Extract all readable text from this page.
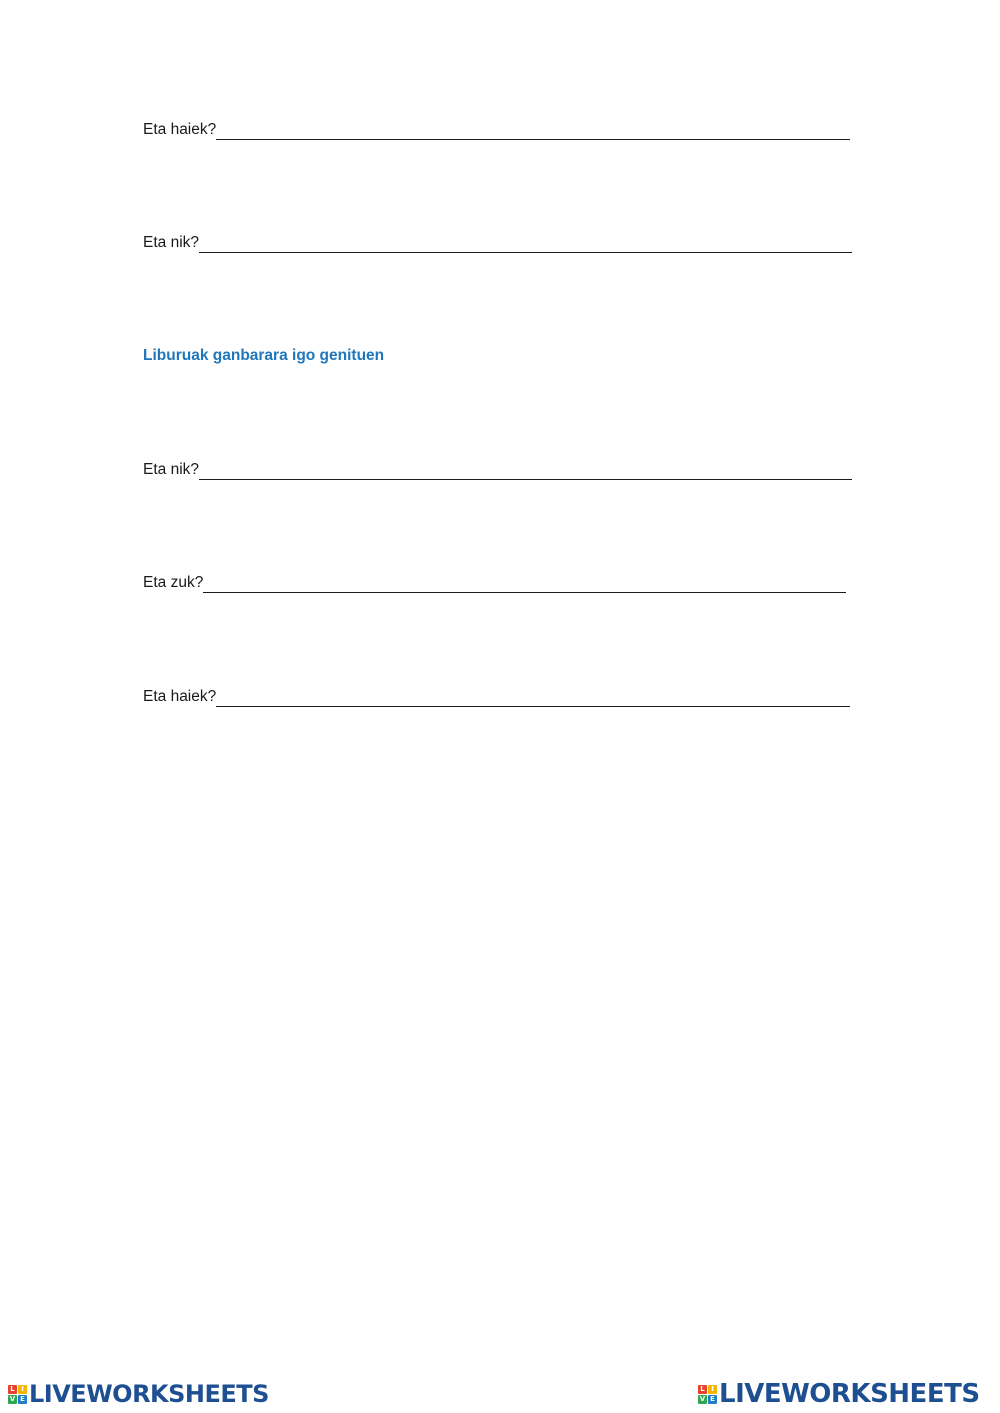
Eta haiek?
Eta nik?
Liburuak ganbarara igo genituen
Eta nik?
Eta zuk?
Eta haiek?
L I
V E LIVEWORKSHEETS	L I
V E LIVEWORKSHEETS
